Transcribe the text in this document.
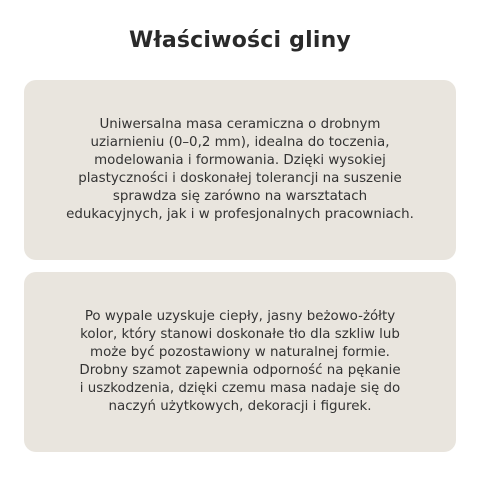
Właściwości gliny

Uniwersalna masa ceramiczna o drobnym
uziarnieniu (0–0,2 mm), idealna do toczenia,
modelowania i formowania. Dzięki wysokiej
plastyczności i doskonałej tolerancji na suszenie
sprawdza się zarówno na warsztatach
edukacyjnych, jak i w profesjonalnych pracowniach.

Po wypale uzyskuje ciepły, jasny beżowo-żółty
kolor, który stanowi doskonałe tło dla szkliw lub
może być pozostawiony w naturalnej formie.
Drobny szamot zapewnia odporność na pękanie
i uszkodzenia, dzięki czemu masa nadaje się do
naczyń użytkowych, dekoracji i figurek.
